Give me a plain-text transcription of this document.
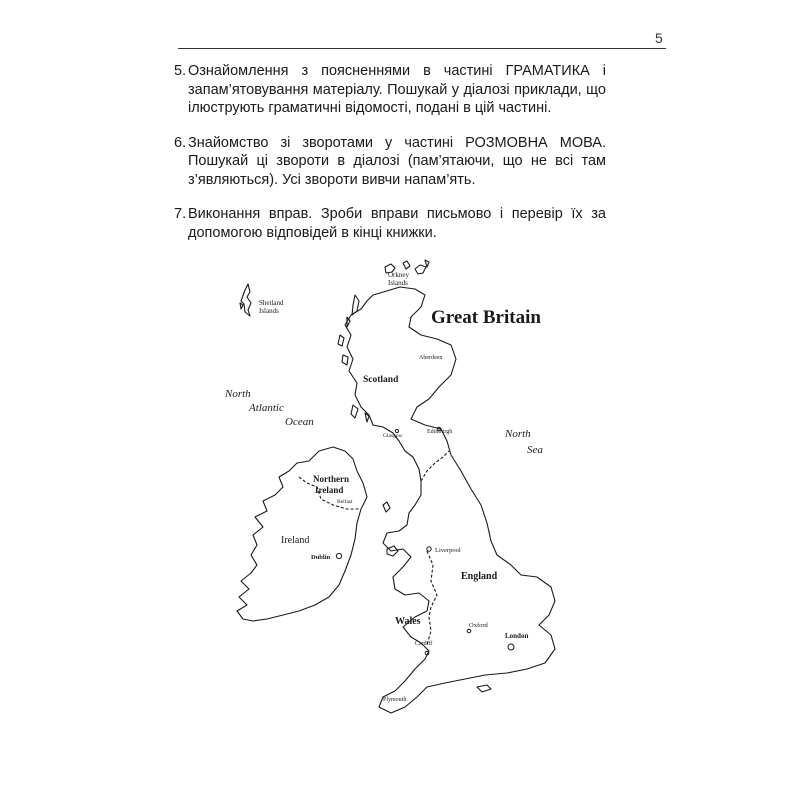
5
5. Ознайомлення з поясненнями в частині ГРАМАТИКА і запам’ятовування матеріалу. Пошукай у діалозі приклади, що ілюструють граматичні відомості, подані в цій частині.
6. Знайомство зі зворотами у частині РОЗМОВНА МОВА. Пошукай ці звороти в діалозі (пам’ятаючи, що не всі там з’являються). Усі звороти вивчи напам’ять.
7. Виконання вправ. Зроби вправи письмово і перевір їх за допомогою відповідей в кінці книжки.
Great Britain
Orkney Islands
Shetland Islands
North Atlantic Ocean
North Sea
Aberdeen
Scotland
Glasgow
Edinburgh
Northern Ireland
Belfast
Ireland
Dublin
Liverpool
England
Wales
Cardiff
Oxford
London
Plymouth
